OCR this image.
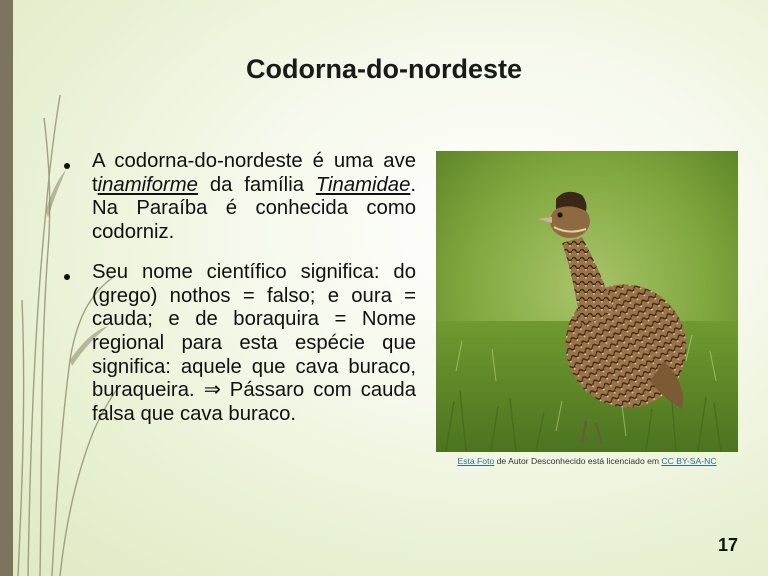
Codorna-do-nordeste
A codorna-do-nordeste é uma ave tinamiforme da família Tinamidae. Na Paraíba é conhecida como codorniz.
Seu nome científico significa: do (grego) nothos = falso; e oura = cauda; e de boraquira = Nome regional para esta espécie que significa: aquele que cava buraco, buraqueira. ⇒ Pássaro com cauda falsa que cava buraco.
Esta Foto de Autor Desconhecido está licenciado em CC BY-SA-NC
17
